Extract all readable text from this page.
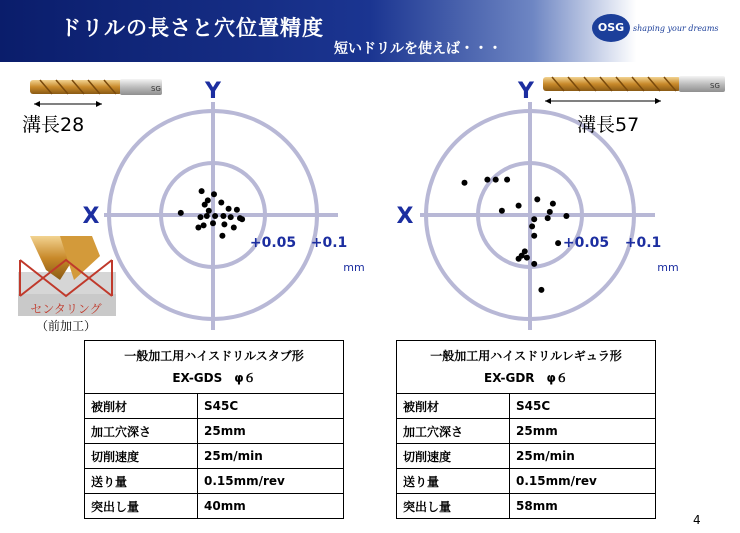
ドリルの長さと穴位置精度
短いドリルを使えば・・・
OSG	shaping your dreams
Y
X
+0.05 +0.1
mm
Y
X
+0.05 +0.1
mm
SG
溝長28
SG
溝長57
センタリング
（前加工）
一般加工用ハイスドリルスタブ形
EX-GDS　φ６	

被削材	S45C
加工穴深さ	25mm
切削速度	25m/min
送り量	0.15mm/rev
突出し量	40mm
一般加工用ハイスドリルレギュラ形
EX-GDR　φ６	

被削材	S45C
加工穴深さ	25mm
切削速度	25m/min
送り量	0.15mm/rev
突出し量	58mm
4
